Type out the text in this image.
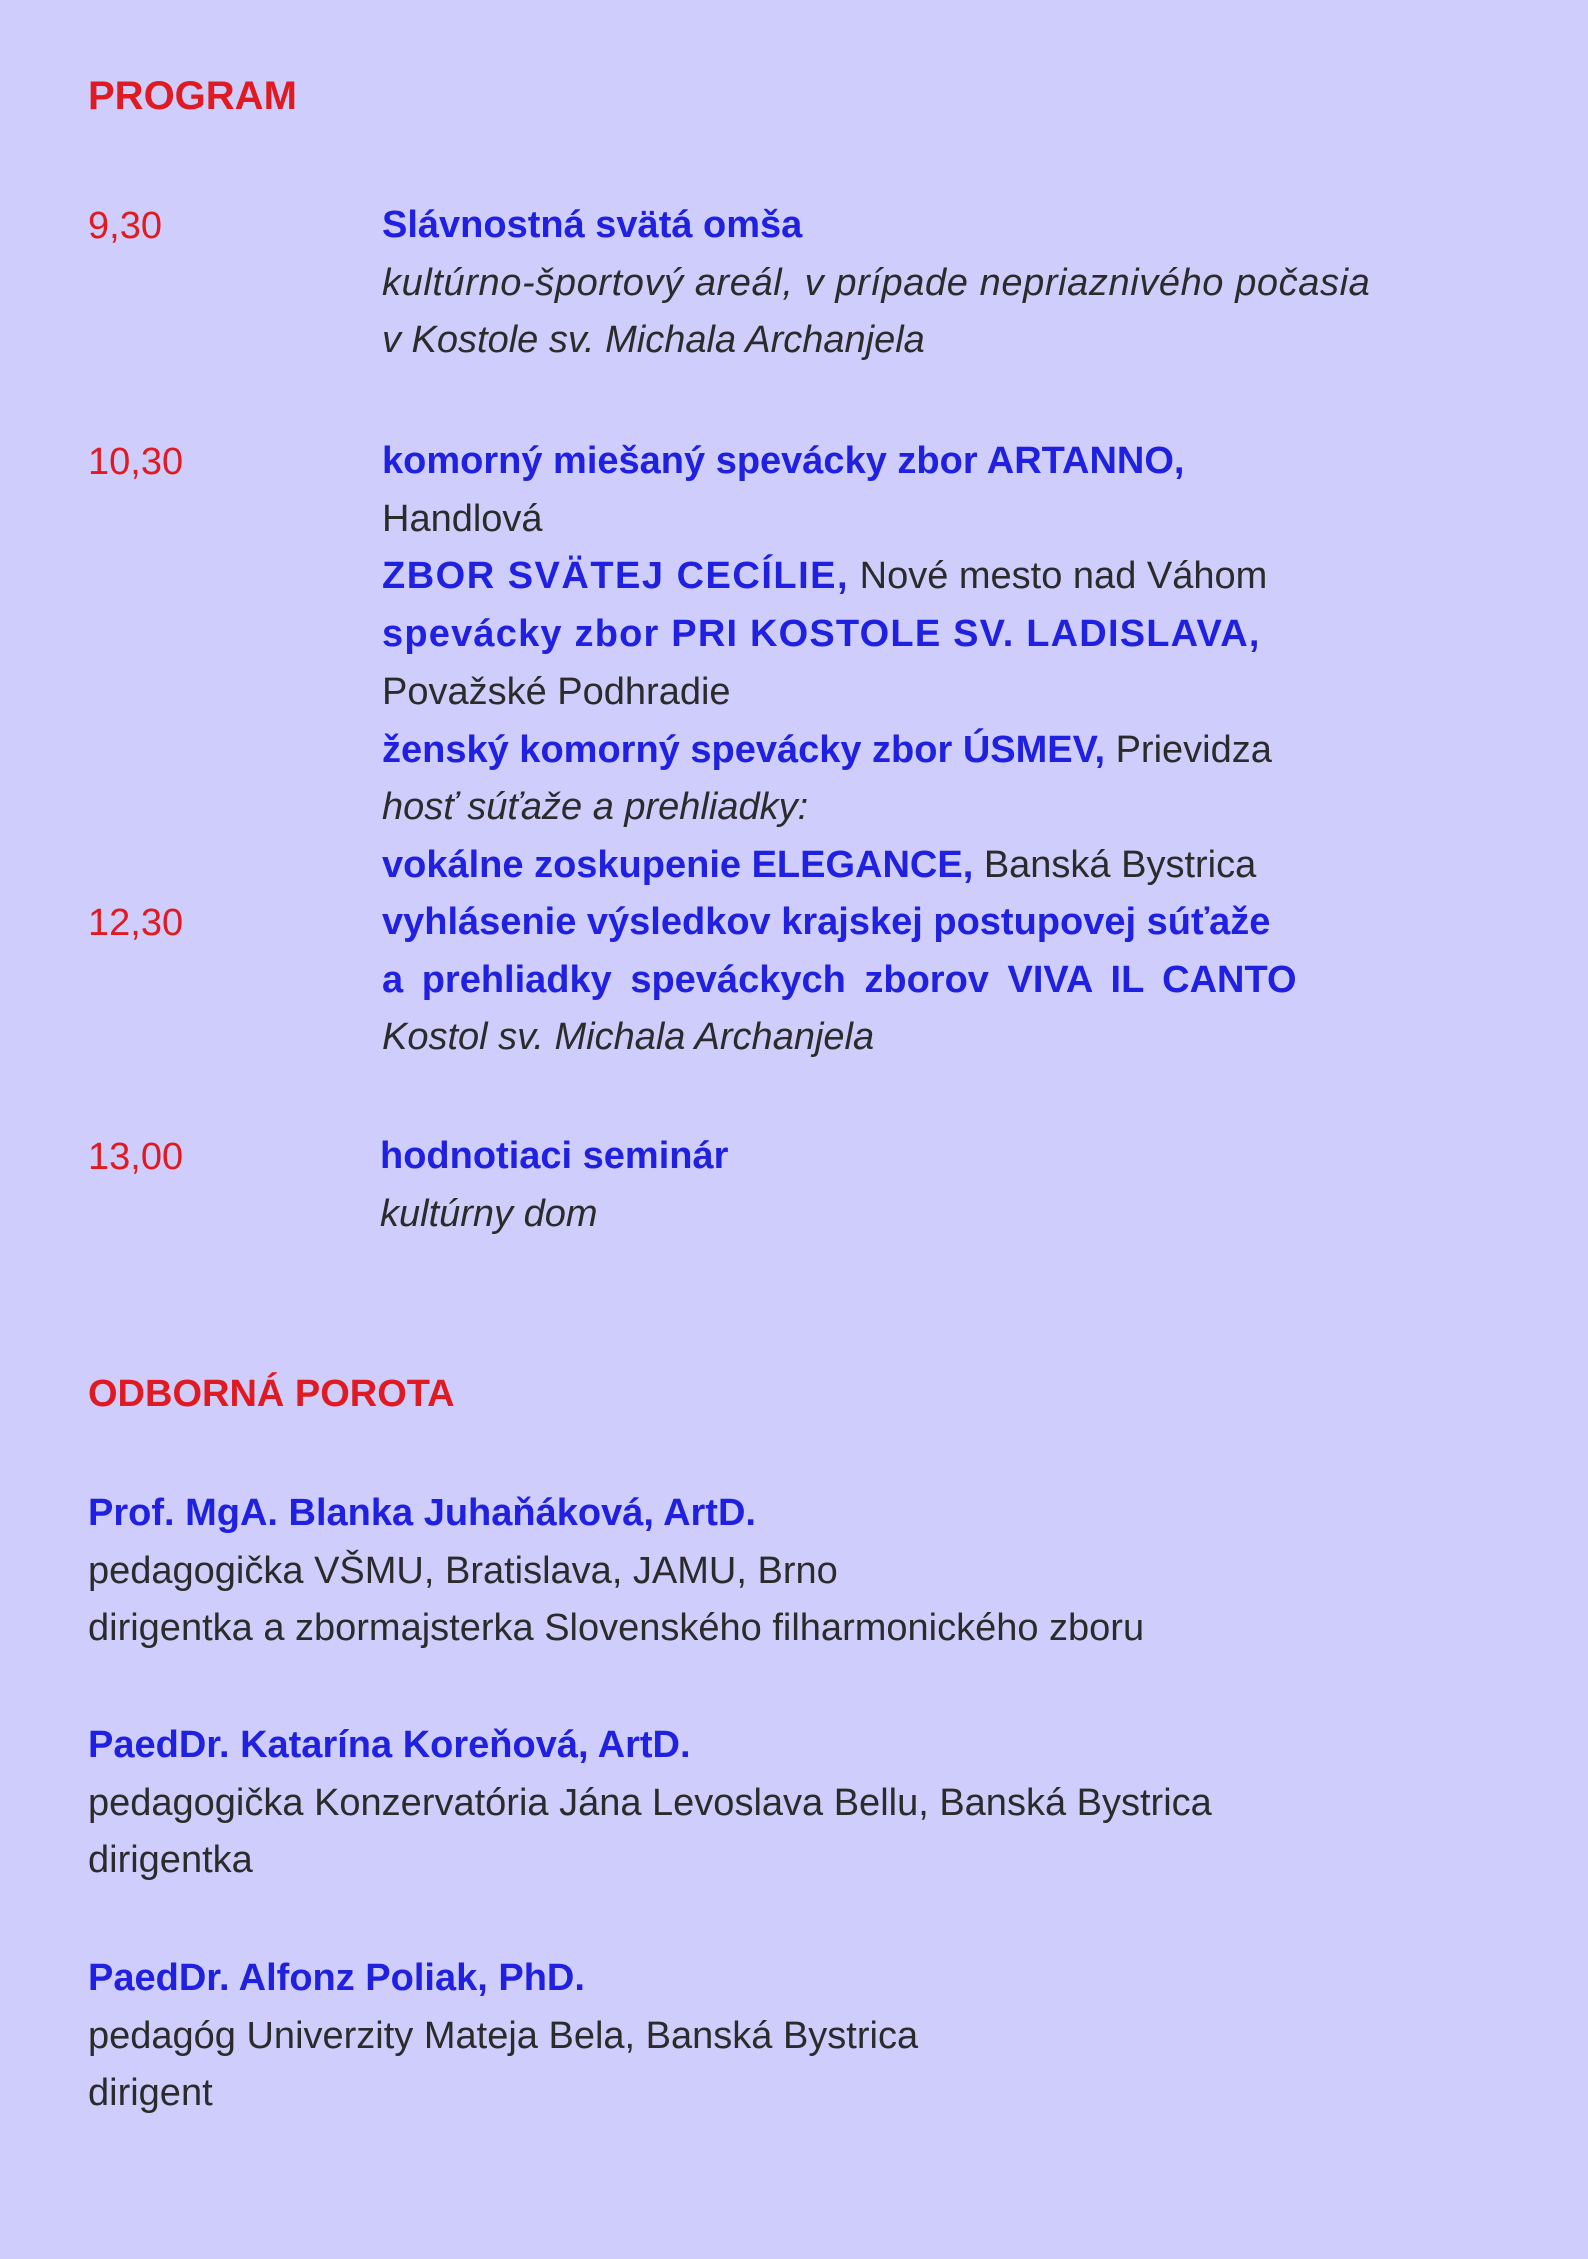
PROGRAM
9,30	Slávnostná svätá omša
kultúrno-športový areál, v prípade nepriaznivého počasia
v Kostole sv. Michala Archanjela
10,30	komorný miešaný spevácky zbor ARTANNO,
Handlová
ZBOR SVÄTEJ CECÍLIE, Nové mesto nad Váhom
spevácky zbor PRI KOSTOLE SV. LADISLAVA,
Považské Podhradie
ženský komorný spevácky zbor ÚSMEV, Prievidza
hosť súťaže a prehliadky:
vokálne zoskupenie ELEGANCE, Banská Bystrica
12,30	vyhlásenie výsledkov krajskej postupovej súťaže
a prehliadky speváckych zborov VIVA IL CANTO
Kostol sv. Michala Archanjela
13,00	hodnotiaci seminár
kultúrny dom
ODBORNÁ POROTA
Prof. MgA. Blanka Juhaňáková, ArtD.
pedagogička VŠMU, Bratislava, JAMU, Brno
dirigentka a zbormajsterka Slovenského filharmonického zboru
PaedDr. Katarína Koreňová, ArtD.
pedagogička Konzervatória Jána Levoslava Bellu, Banská Bystrica
dirigentka
PaedDr. Alfonz Poliak, PhD.
pedagóg Univerzity Mateja Bela, Banská Bystrica
dirigent
